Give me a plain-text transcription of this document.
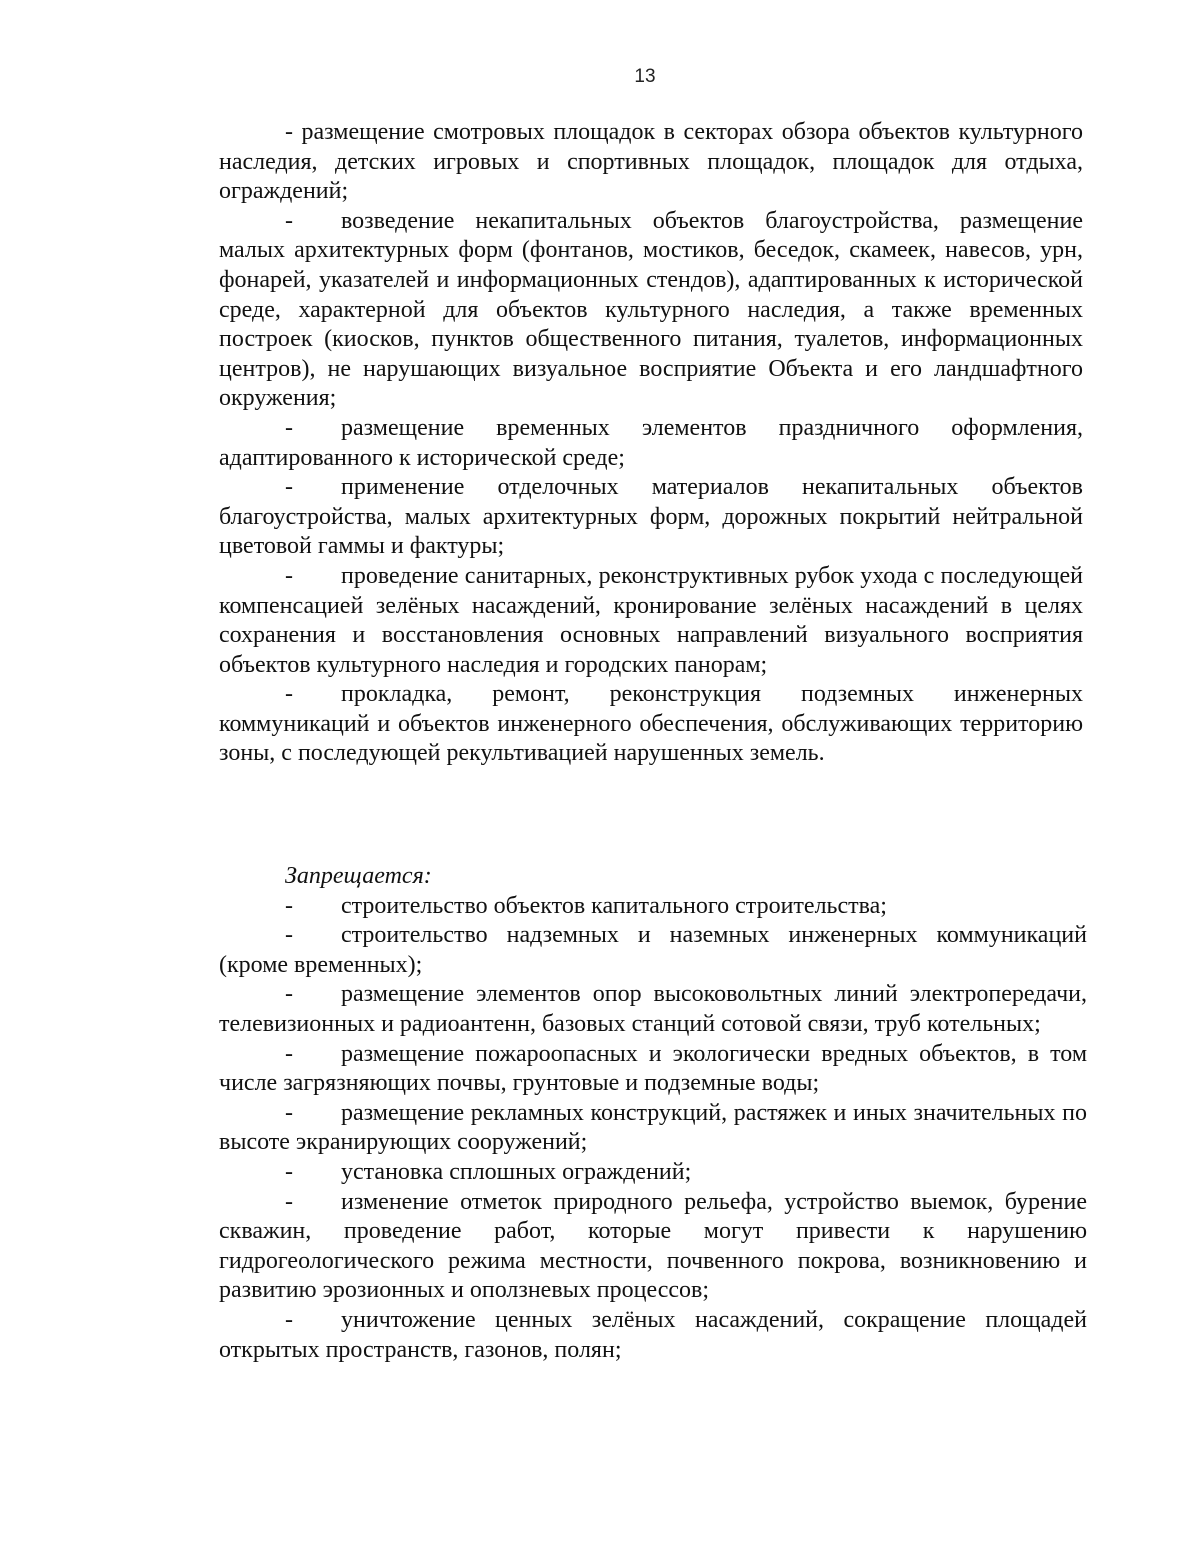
13

- размещение смотровых площадок в секторах обзора объектов культурного наследия, детских игровых и спортивных площадок, площадок для отдыха, ограждений;

- возведение некапитальных объектов благоустройства, размещение малых архитектурных форм (фонтанов, мостиков, беседок, скамеек, навесов, урн, фонарей, указателей и информационных стендов), адаптированных к исторической среде, характерной для объектов культурного наследия, а также временных построек (киосков, пунктов общественного питания, туалетов, информационных центров), не нарушающих визуальное восприятие Объекта и его ландшафтного окружения;

- размещение временных элементов праздничного оформления, адаптированного к исторической среде;

- применение отделочных материалов некапитальных объектов благоустройства, малых архитектурных форм, дорожных покрытий нейтральной цветовой гаммы и фактуры;

- проведение санитарных, реконструктивных рубок ухода с последующей компенсацией зелёных насаждений, кронирование зелёных насаждений в целях сохранения и восстановления основных направлений визуального восприятия объектов культурного наследия и городских панорам;

- прокладка, ремонт, реконструкция подземных инженерных коммуникаций и объектов инженерного обеспечения, обслуживающих территорию зоны, с последующей рекультивацией нарушенных земель.

Запрещается:

- строительство объектов капитального строительства;

- строительство надземных и наземных инженерных коммуникаций (кроме временных);

- размещение элементов опор высоковольтных линий электропередачи, телевизионных и радиоантенн, базовых станций сотовой связи, труб котельных;

- размещение пожароопасных и экологически вредных объектов, в том числе загрязняющих почвы, грунтовые и подземные воды;

- размещение рекламных конструкций, растяжек и иных значительных по высоте экранирующих сооружений;

- установка сплошных ограждений;

- изменение отметок природного рельефа, устройство выемок, бурение скважин, проведение работ, которые могут привести к нарушению гидрогеологического режима местности, почвенного покрова, возникновению и развитию эрозионных и оползневых процессов;

- уничтожение ценных зелёных насаждений, сокращение площадей открытых пространств, газонов, полян;
